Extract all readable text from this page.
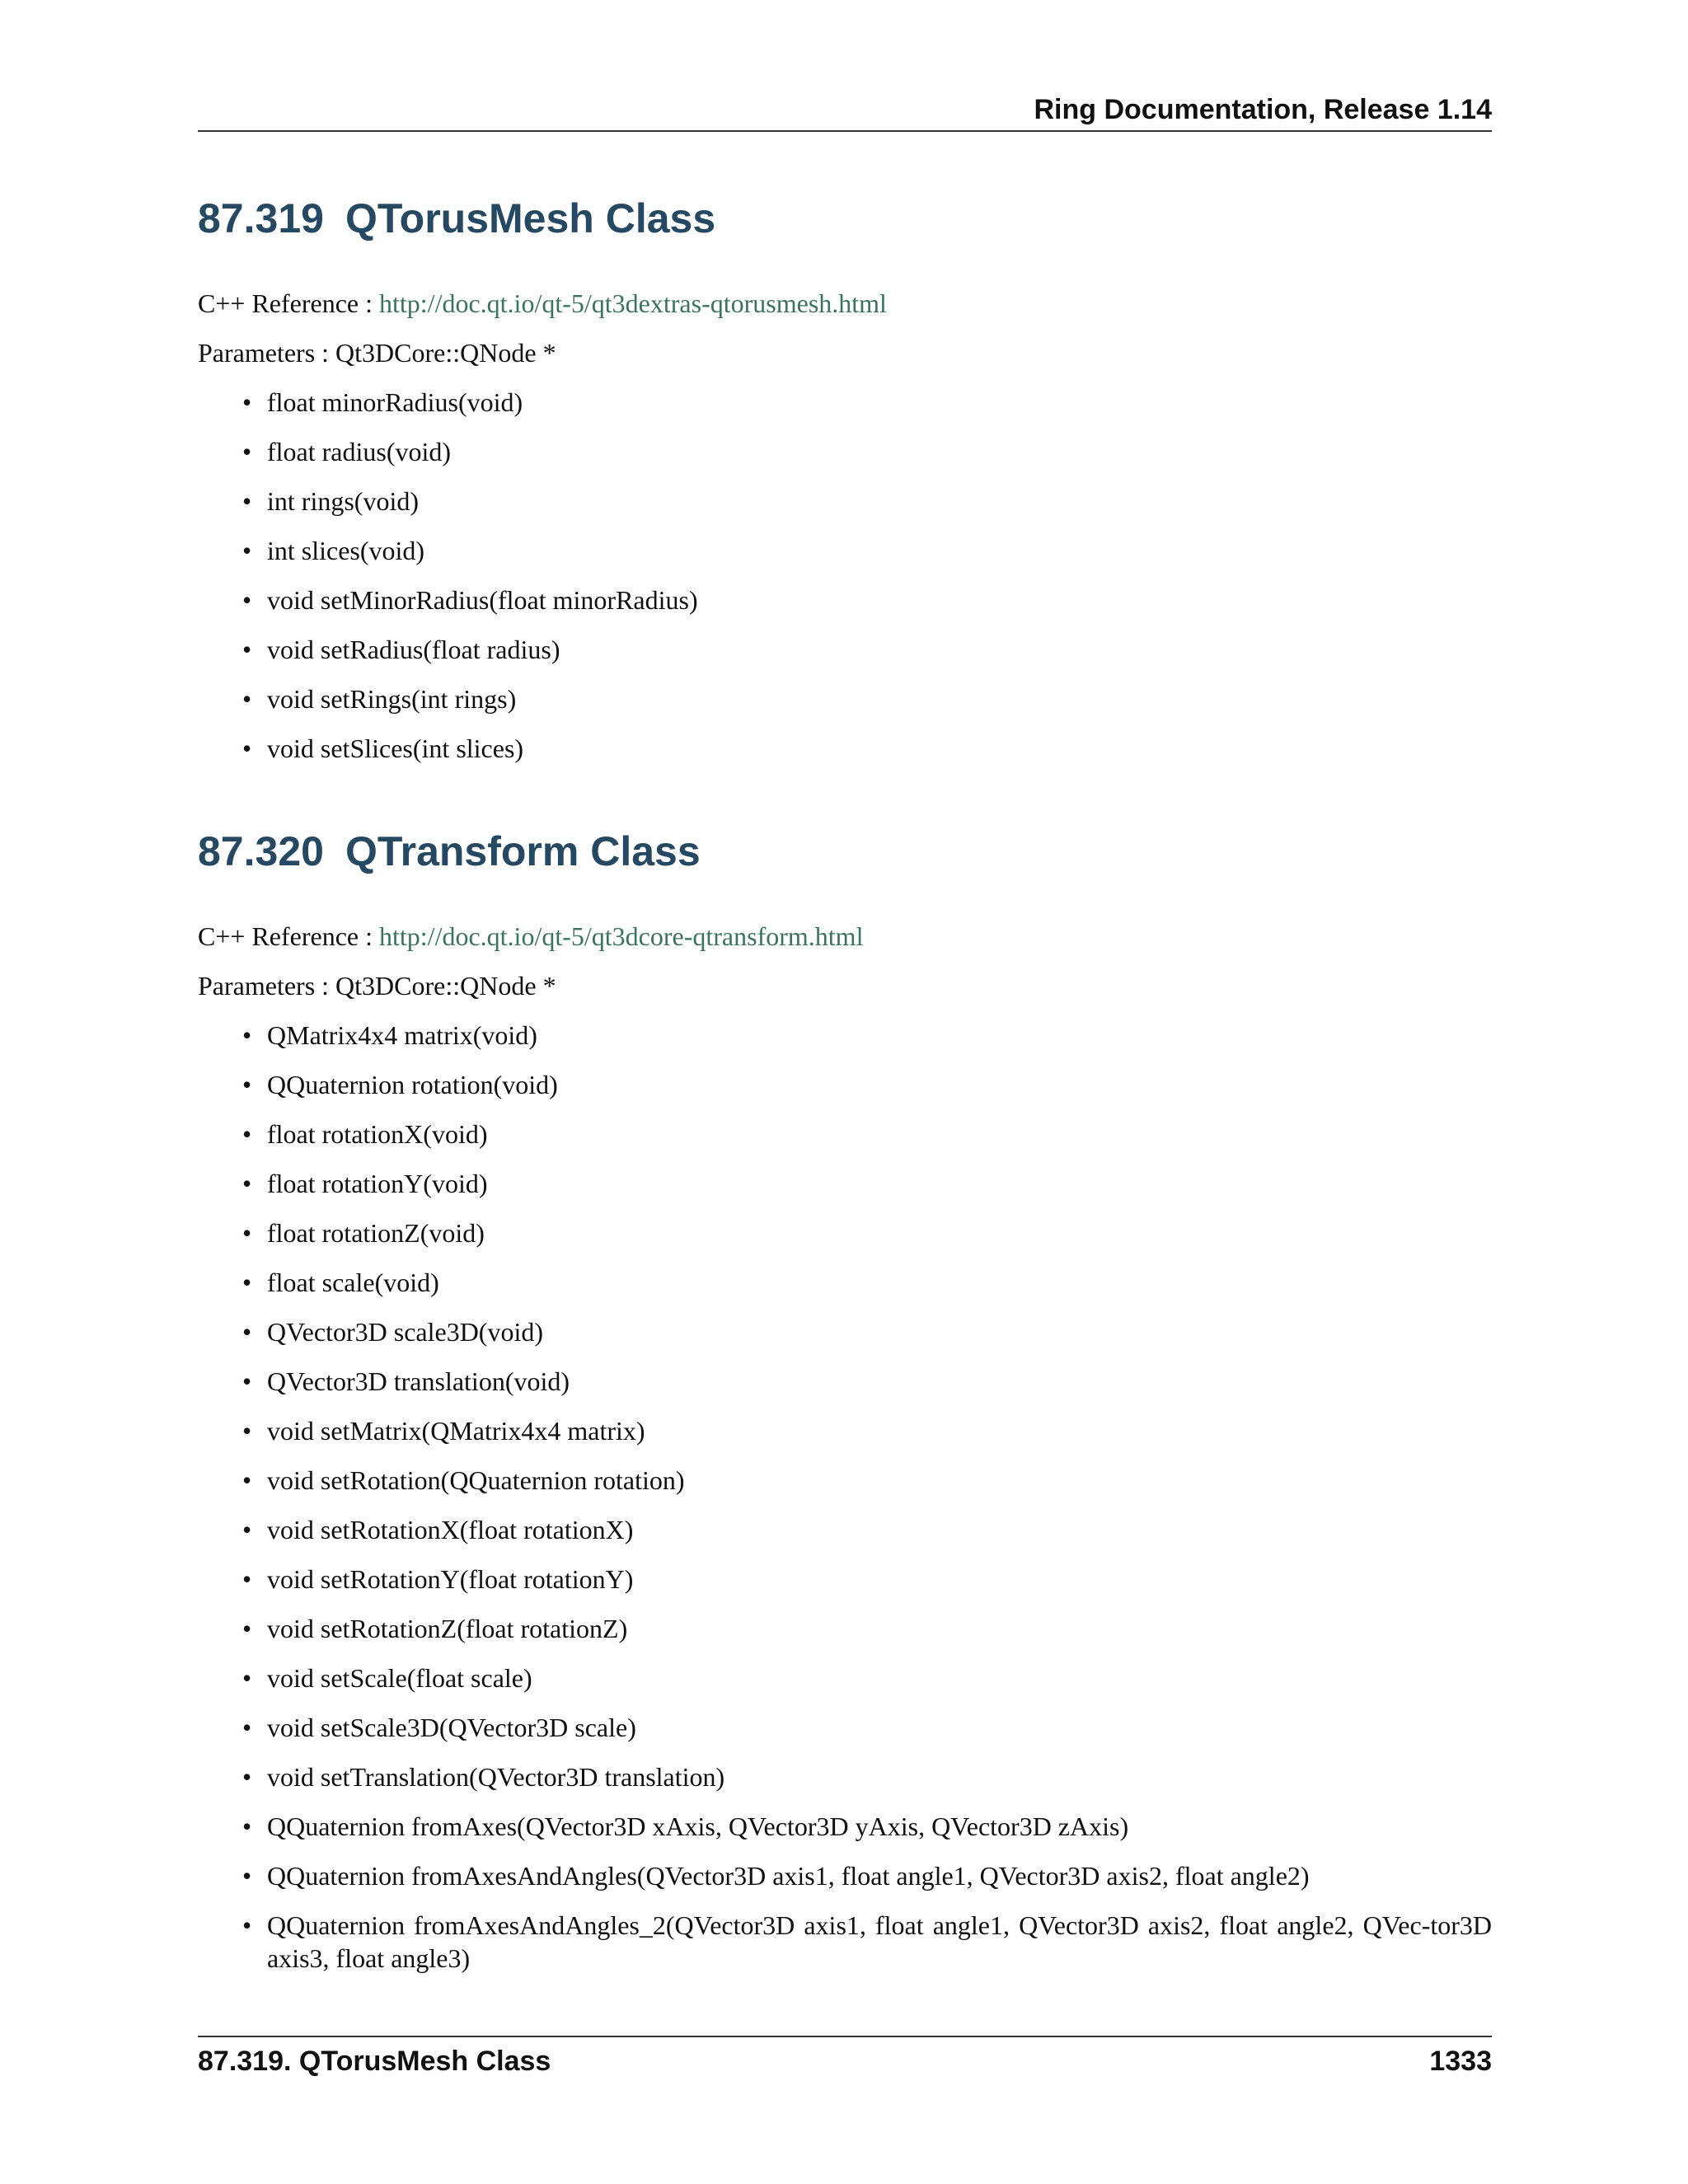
Ring Documentation, Release 1.14
87.319 QTorusMesh Class
C++ Reference : http://doc.qt.io/qt-5/qt3dextras-qtorusmesh.html
Parameters : Qt3DCore::QNode *
• float minorRadius(void)
• float radius(void)
• int rings(void)
• int slices(void)
• void setMinorRadius(float minorRadius)
• void setRadius(float radius)
• void setRings(int rings)
• void setSlices(int slices)
87.320 QTransform Class
C++ Reference : http://doc.qt.io/qt-5/qt3dcore-qtransform.html
Parameters : Qt3DCore::QNode *
• QMatrix4x4 matrix(void)
• QQuaternion rotation(void)
• float rotationX(void)
• float rotationY(void)
• float rotationZ(void)
• float scale(void)
• QVector3D scale3D(void)
• QVector3D translation(void)
• void setMatrix(QMatrix4x4 matrix)
• void setRotation(QQuaternion rotation)
• void setRotationX(float rotationX)
• void setRotationY(float rotationY)
• void setRotationZ(float rotationZ)
• void setScale(float scale)
• void setScale3D(QVector3D scale)
• void setTranslation(QVector3D translation)
• QQuaternion fromAxes(QVector3D xAxis, QVector3D yAxis, QVector3D zAxis)
• QQuaternion fromAxesAndAngles(QVector3D axis1, float angle1, QVector3D axis2, float angle2)
• QQuaternion fromAxesAndAngles_2(QVector3D axis1, float angle1, QVector3D axis2, float angle2, QVec-tor3D axis3, float angle3)
87.319. QTorusMesh Class	1333
